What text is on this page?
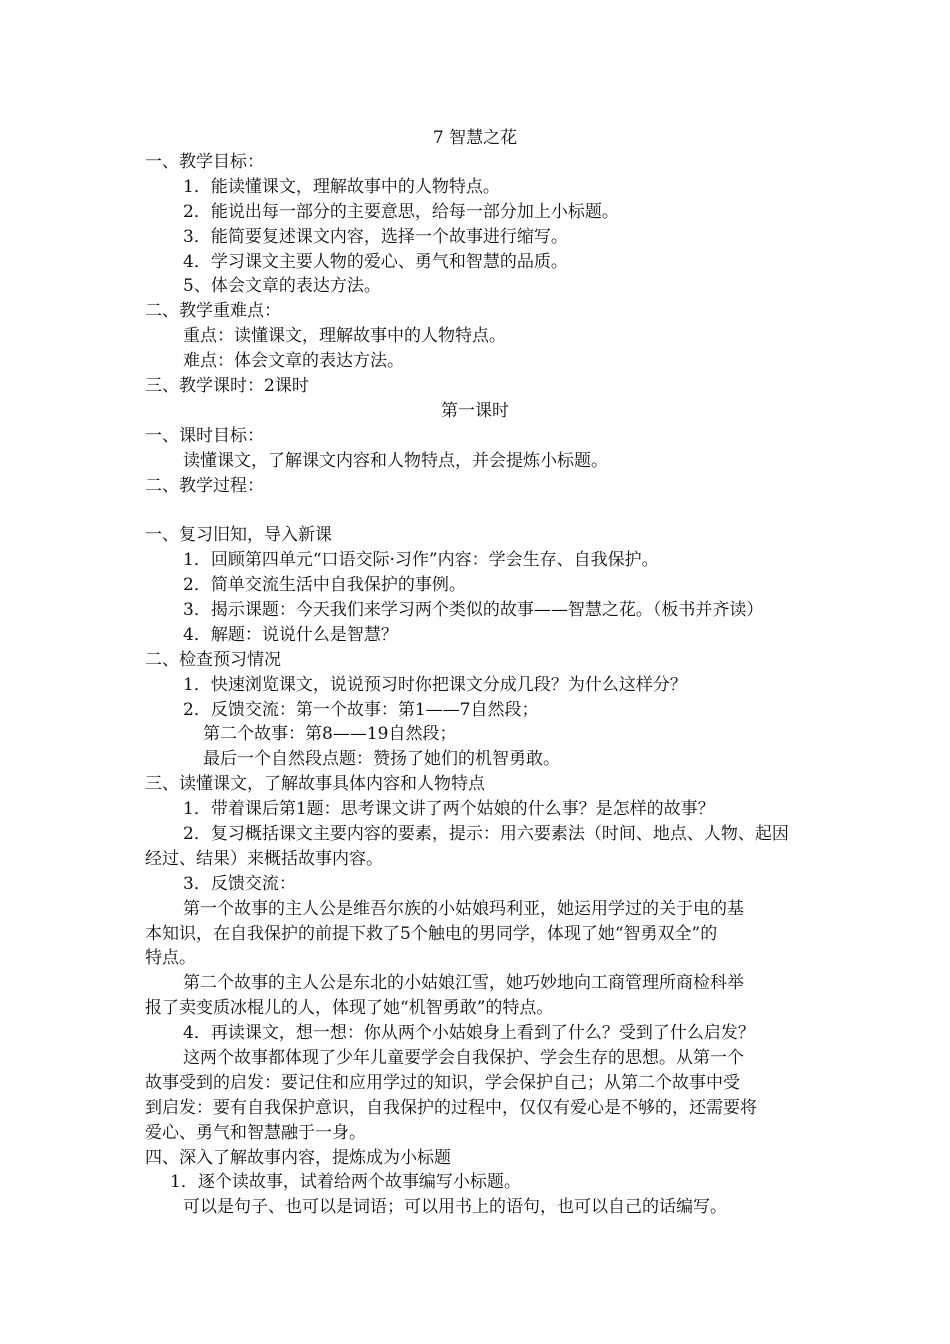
7 智慧之花
一、教学目标：
1．能读懂课文，理解故事中的人物特点。
2．能说出每一部分的主要意思，给每一部分加上小标题。
3．能简要复述课文内容，选择一个故事进行缩写。
4．学习课文主要人物的爱心、勇气和智慧的品质。
5、体会文章的表达方法。
二、教学重难点：
重点：读懂课文，理解故事中的人物特点。
难点：体会文章的表达方法。
三、教学课时：2课时
第一课时
一、课时目标：
读懂课文，了解课文内容和人物特点，并会提炼小标题。
二、教学过程：
一、复习旧知，导入新课
1．回顾第四单元“口语交际·习作”内容：学会生存、自我保护。
2．简单交流生活中自我保护的事例。
3．揭示课题：今天我们来学习两个类似的故事——智慧之花。（板书并齐读）
4．解题：说说什么是智慧？
二、检查预习情况
1．快速浏览课文，说说预习时你把课文分成几段？为什么这样分？
2．反馈交流：第一个故事：第1——7自然段；
第二个故事：第8——19自然段；
最后一个自然段点题：赞扬了她们的机智勇敢。
三、读懂课文，了解故事具体内容和人物特点
1．带着课后第1题：思考课文讲了两个姑娘的什么事？是怎样的故事？
2．复习概括课文主要内容的要素，提示：用六要素法（时间、地点、人物、起因
经过、结果）来概括故事内容。
3．反馈交流：
第一个故事的主人公是维吾尔族的小姑娘玛利亚，她运用学过的关于电的基
本知识，在自我保护的前提下救了5个触电的男同学，体现了她“智勇双全”的
特点。
第二个故事的主人公是东北的小姑娘江雪，她巧妙地向工商管理所商检科举
报了卖变质冰棍儿的人，体现了她“机智勇敢”的特点。
4．再读课文，想一想：你从两个小姑娘身上看到了什么？受到了什么启发？
这两个故事都体现了少年儿童要学会自我保护、学会生存的思想。从第一个
故事受到的启发：要记住和应用学过的知识，学会保护自己；从第二个故事中受
到启发：要有自我保护意识，自我保护的过程中，仅仅有爱心是不够的，还需要将
爱心、勇气和智慧融于一身。
四、深入了解故事内容，提炼成为小标题
1．逐个读故事，试着给两个故事编写小标题。
可以是句子、也可以是词语；可以用书上的语句，也可以自己的话编写。
